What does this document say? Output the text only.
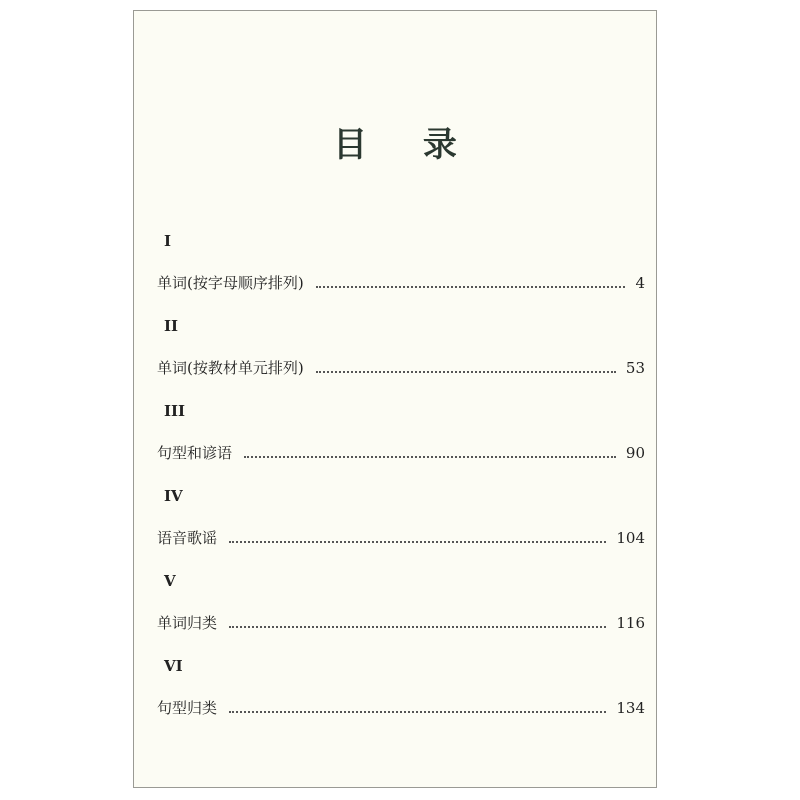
目 录
I
单词(按字母顺序排列)	4
II
单词(按教材单元排列)	53
III
句型和谚语	90
IV
语音歌谣	104
V
单词归类	116
VI
句型归类	134
